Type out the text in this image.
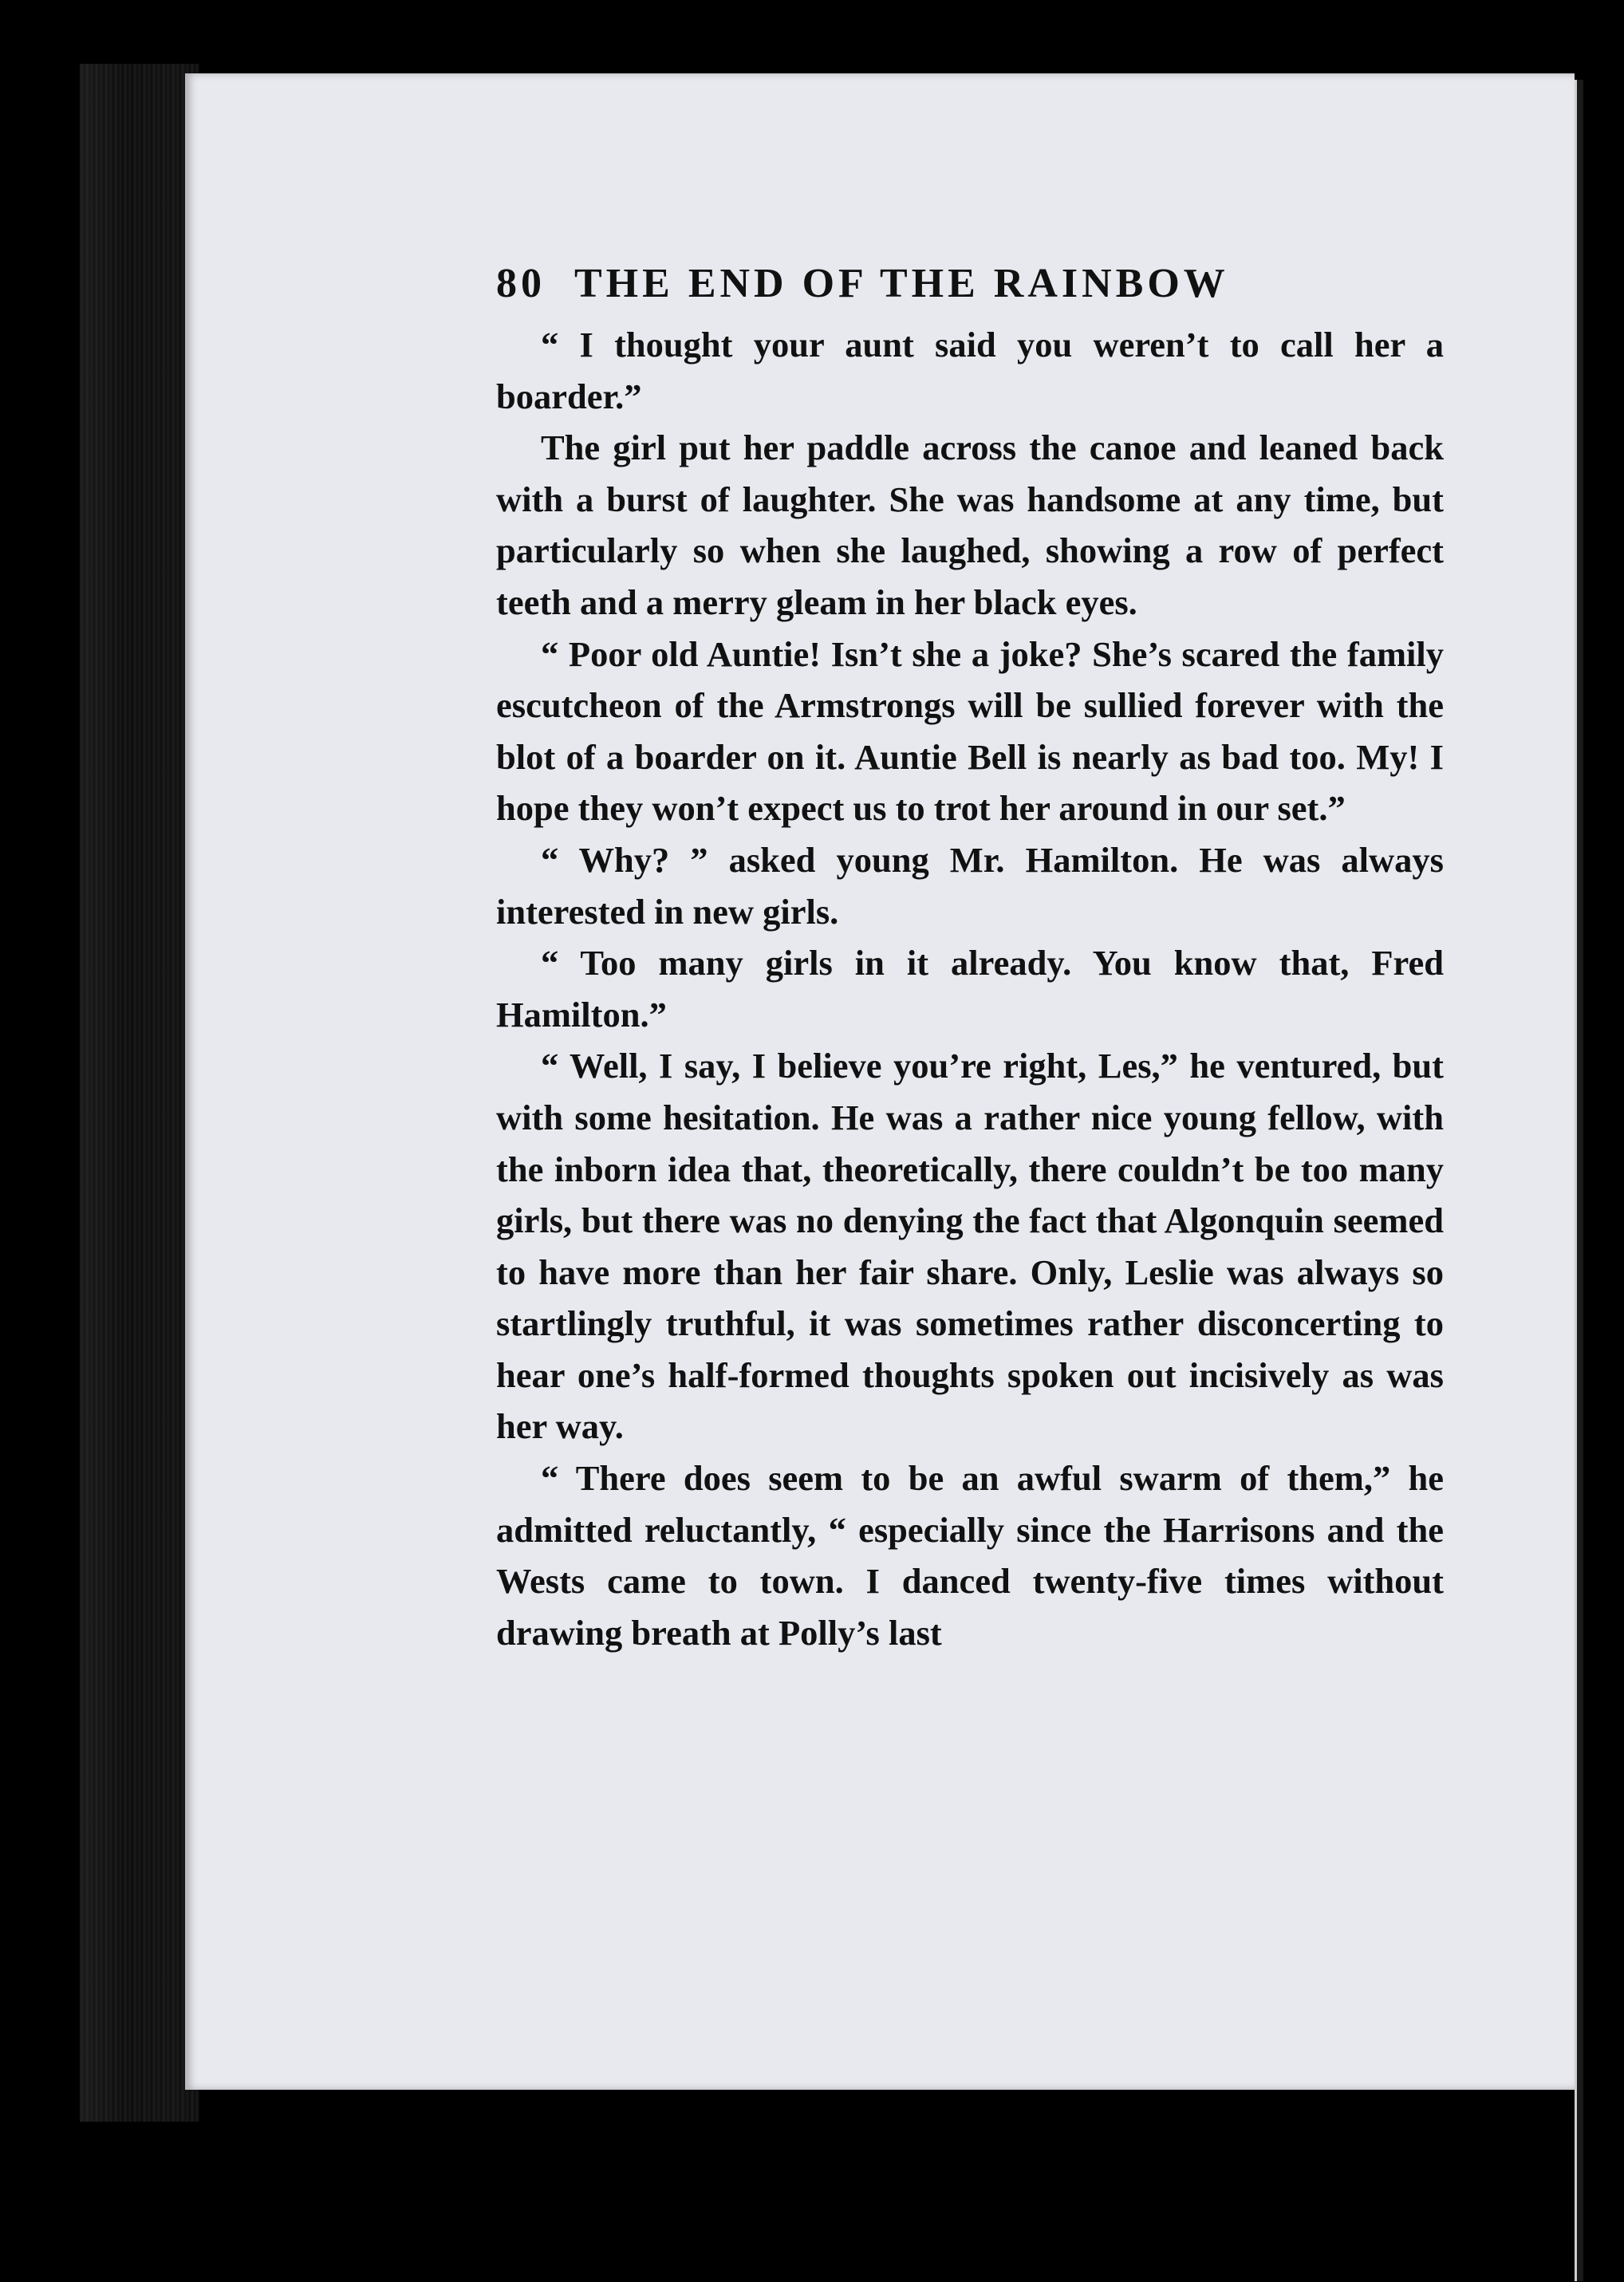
80 THE END OF THE RAINBOW

“ I thought your aunt said you weren’t to call her a boarder.”

The girl put her paddle across the canoe and leaned back with a burst of laughter. She was handsome at any time, but particularly so when she laughed, showing a row of perfect teeth and a merry gleam in her black eyes.

“ Poor old Auntie! Isn’t she a joke? She’s scared the family escutcheon of the Armstrongs will be sullied forever with the blot of a boarder on it. Auntie Bell is nearly as bad too. My! I hope they won’t expect us to trot her around in our set.”

“ Why? ” asked young Mr. Hamilton. He was always interested in new girls.

“ Too many girls in it already. You know that, Fred Hamilton.”

“ Well, I say, I believe you’re right, Les,” he ventured, but with some hesitation. He was a rather nice young fellow, with the inborn idea that, theoretically, there couldn’t be too many girls, but there was no denying the fact that Algonquin seemed to have more than her fair share. Only, Leslie was always so startlingly truthful, it was sometimes rather disconcerting to hear one’s half-formed thoughts spoken out incisively as was her way.

“ There does seem to be an awful swarm of them,” he admitted reluctantly, “ especially since the Harrisons and the Wests came to town. I danced twenty-five times without drawing breath at Polly’s last
